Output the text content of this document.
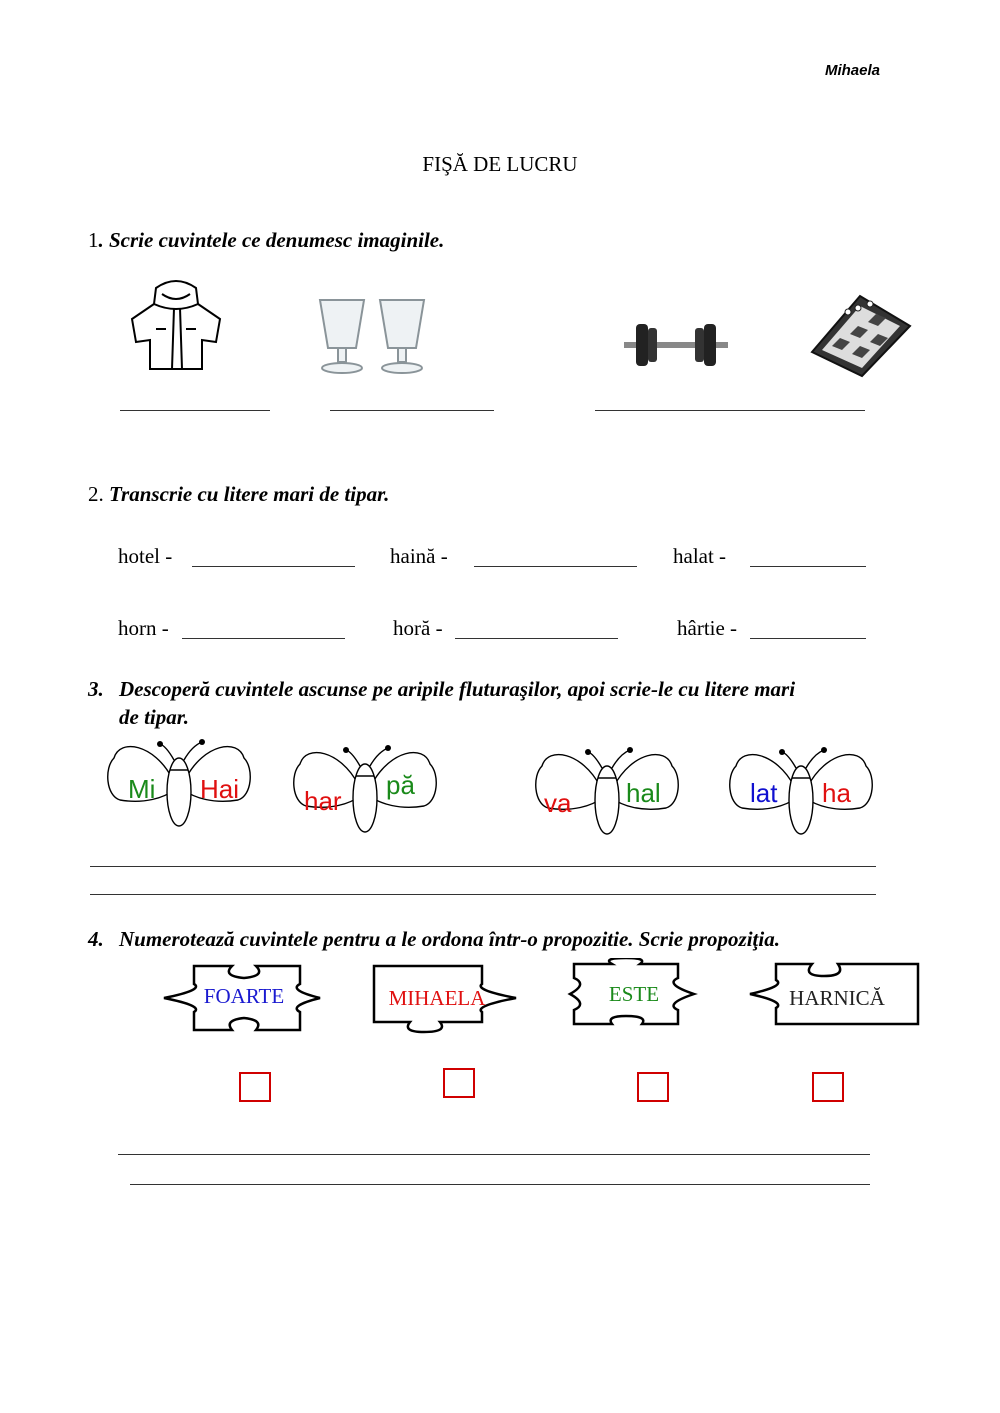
Mihaela
FIŞĂ DE LUCRU
1. Scrie cuvintele ce denumesc imaginile.
2. Transcrie cu litere mari de tipar.
hotel -	haină -	halat -
horn -	horă -	hârtie -
3. Descoperă cuvintele ascunse pe aripile fluturaşilor, apoi scrie-le cu litere mari
de tipar.
Mi Hai har
pă
va hal	lat ha
4. Numerotează cuvintele pentru a le ordona într-o propozitie. Scrie propoziţia.
FOARTE	MIHAELA	ESTE	HARNICĂ
